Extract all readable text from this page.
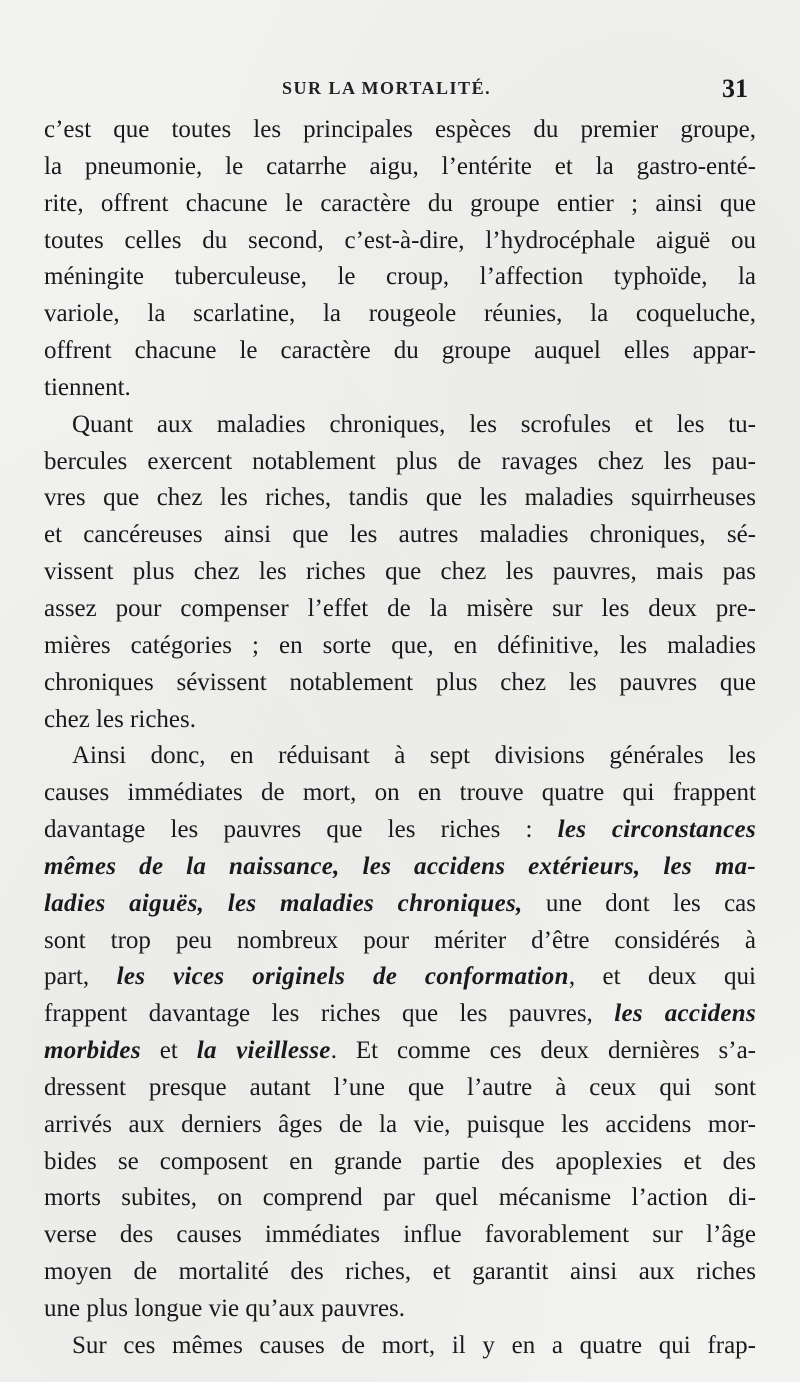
SUR LA MORTALITÉ.	31
c’est que toutes les principales espèces du premier groupe,
la pneumonie, le catarrhe aigu, l’entérite et la gastro-enté-
rite, offrent chacune le caractère du groupe entier ; ainsi que
toutes celles du second, c’est-à-dire, l’hydrocéphale aiguë ou
méningite tuberculeuse, le croup, l’affection typhoïde, la
variole, la scarlatine, la rougeole réunies, la coqueluche,
offrent chacune le caractère du groupe auquel elles appar-
tiennent.
Quant aux maladies chroniques, les scrofules et les tu-
bercules exercent notablement plus de ravages chez les pau-
vres que chez les riches, tandis que les maladies squirrheuses
et cancéreuses ainsi que les autres maladies chroniques, sé-
vissent plus chez les riches que chez les pauvres, mais pas
assez pour compenser l’effet de la misère sur les deux pre-
mières catégories ; en sorte que, en définitive, les maladies
chroniques sévissent notablement plus chez les pauvres que
chez les riches.
Ainsi donc, en réduisant à sept divisions générales les
causes immédiates de mort, on en trouve quatre qui frappent
davantage les pauvres que les riches : les circonstances
mêmes de la naissance, les accidens extérieurs, les ma-
ladies aiguës, les maladies chroniques, une dont les cas
sont trop peu nombreux pour mériter d’être considérés à
part, les vices originels de conformation, et deux qui
frappent davantage les riches que les pauvres, les accidens
morbides et la vieillesse. Et comme ces deux dernières s’a-
dressent presque autant l’une que l’autre à ceux qui sont
arrivés aux derniers âges de la vie, puisque les accidens mor-
bides se composent en grande partie des apoplexies et des
morts subites, on comprend par quel mécanisme l’action di-
verse des causes immédiates influe favorablement sur l’âge
moyen de mortalité des riches, et garantit ainsi aux riches
une plus longue vie qu’aux pauvres.
Sur ces mêmes causes de mort, il y en a quatre qui frap-
